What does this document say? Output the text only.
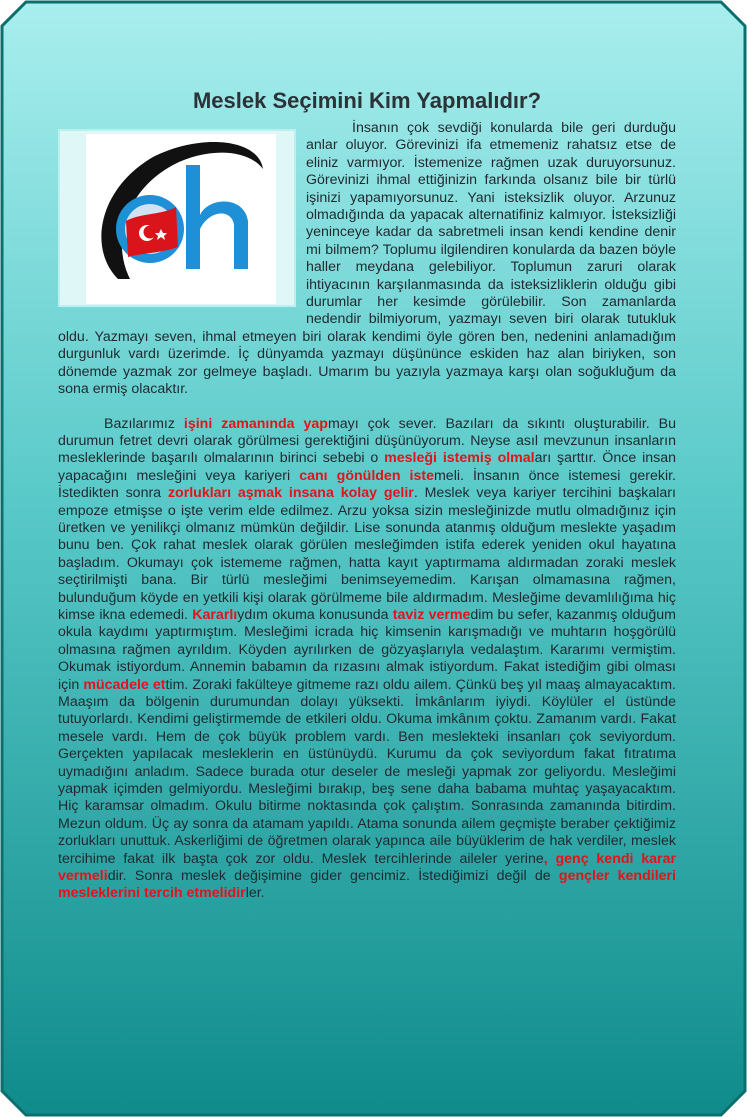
Meslek Seçimini Kim Yapmalıdır?

İnsanın çok sevdiği konularda bile geri durduğu anlar oluyor. Görevinizi ifa etmemeniz rahatsız etse de eliniz varmıyor. İstemenize rağmen uzak duruyorsunuz. Görevinizi ihmal ettiğinizin farkında olsanız bile bir türlü işinizi yapamıyorsunuz. Yani isteksizlik oluyor. Arzunuz olmadığında da yapacak alternatifiniz kalmıyor. İsteksizliği yeninceye kadar da sabretmeli insan kendi kendine denir mi bilmem? Toplumu ilgilendiren konularda da bazen böyle haller meydana gelebiliyor. Toplumun zaruri olarak ihtiyacının karşılanmasında da isteksizliklerin olduğu gibi durumlar her kesimde görülebilir. Son zamanlarda nedendir bilmiyorum, yazmayı seven biri olarak tutukluk oldu. Yazmayı seven, ihmal etmeyen biri olarak kendimi öyle gören ben, nedenini anlamadığım durgunluk vardı üzerimde. İç dünyamda yazmayı düşününce eskiden haz alan biriyken, son dönemde yazmak zor gelmeye başladı. Umarım bu yazıyla yazmaya karşı olan soğukluğum da sona ermiş olacaktır.

Bazılarımız işini zamanında yapmayı çok sever. Bazıları da sıkıntı oluşturabilir. Bu durumun fetret devri olarak görülmesi gerektiğini düşünüyorum. Neyse asıl mevzunun insanların mesleklerinde başarılı olmalarının birinci sebebi o mesleği istemiş olmaları şarttır. Önce insan yapacağını mesleğini veya kariyeri canı gönülden istemeli. İnsanın önce istemesi gerekir. İstedikten sonra zorlukları aşmak insana kolay gelir. Meslek veya kariyer tercihini başkaları empoze etmişse o işte verim elde edilmez. Arzu yoksa sizin mesleğinizde mutlu olmadığınız için üretken ve yenilikçi olmanız mümkün değildir. Lise sonunda atanmış olduğum meslekte yaşadım bunu ben. Çok rahat meslek olarak görülen mesleğimden istifa ederek yeniden okul hayatına başladım. Okumayı çok istememe rağmen, hatta kayıt yaptırmama aldırmadan zoraki meslek seçtirilmişti bana. Bir türlü mesleğimi benimseyemedim. Karışan olmamasına rağmen, bulunduğum köyde en yetkili kişi olarak görülmeme bile aldırmadım. Mesleğime devamlılığıma hiç kimse ikna edemedi. Kararlıydım okuma konusunda taviz vermedim bu sefer, kazanmış olduğum okula kaydımı yaptırmıştım. Mesleğimi icrada hiç kimsenin karışmadığı ve muhtarın hoşgörülü olmasına rağmen ayrıldım. Köyden ayrılırken de gözyaşlarıyla vedalaştım. Kararımı vermiştim. Okumak istiyordum. Annemin babamın da rızasını almak istiyordum. Fakat istediğim gibi olması için mücadele ettim. Zoraki fakülteye gitmeme razı oldu ailem. Çünkü beş yıl maaş almayacaktım. Maaşım da bölgenin durumundan dolayı yüksekti. İmkânlarım iyiydi. Köylüler el üstünde tutuyorlardı. Kendimi geliştirmemde de etkileri oldu. Okuma imkânım çoktu. Zamanım vardı. Fakat mesele vardı. Hem de çok büyük problem vardı. Ben meslekteki insanları çok seviyordum. Gerçekten yapılacak mesleklerin en üstünüydü. Kurumu da çok seviyordum fakat fıtratıma uymadığını anladım. Sadece burada otur deseler de mesleği yapmak zor geliyordu. Mesleğimi yapmak içimden gelmiyordu. Mesleğimi bırakıp, beş sene daha babama muhtaç yaşayacaktım. Hiç karamsar olmadım. Okulu bitirme noktasında çok çalıştım. Sonrasında zamanında bitirdim. Mezun oldum. Üç ay sonra da atamam yapıldı. Atama sonunda ailem geçmişte beraber çektiğimiz zorlukları unuttuk. Askerliğimi de öğretmen olarak yapınca aile büyüklerim de hak verdiler, meslek tercihime fakat ilk başta çok zor oldu. Meslek tercihlerinde aileler yerine, genç kendi karar vermelidir. Sonra meslek değişimine gider gencimiz. İstediğimizi değil de gençler kendileri mesleklerini tercih etmelidirler.
